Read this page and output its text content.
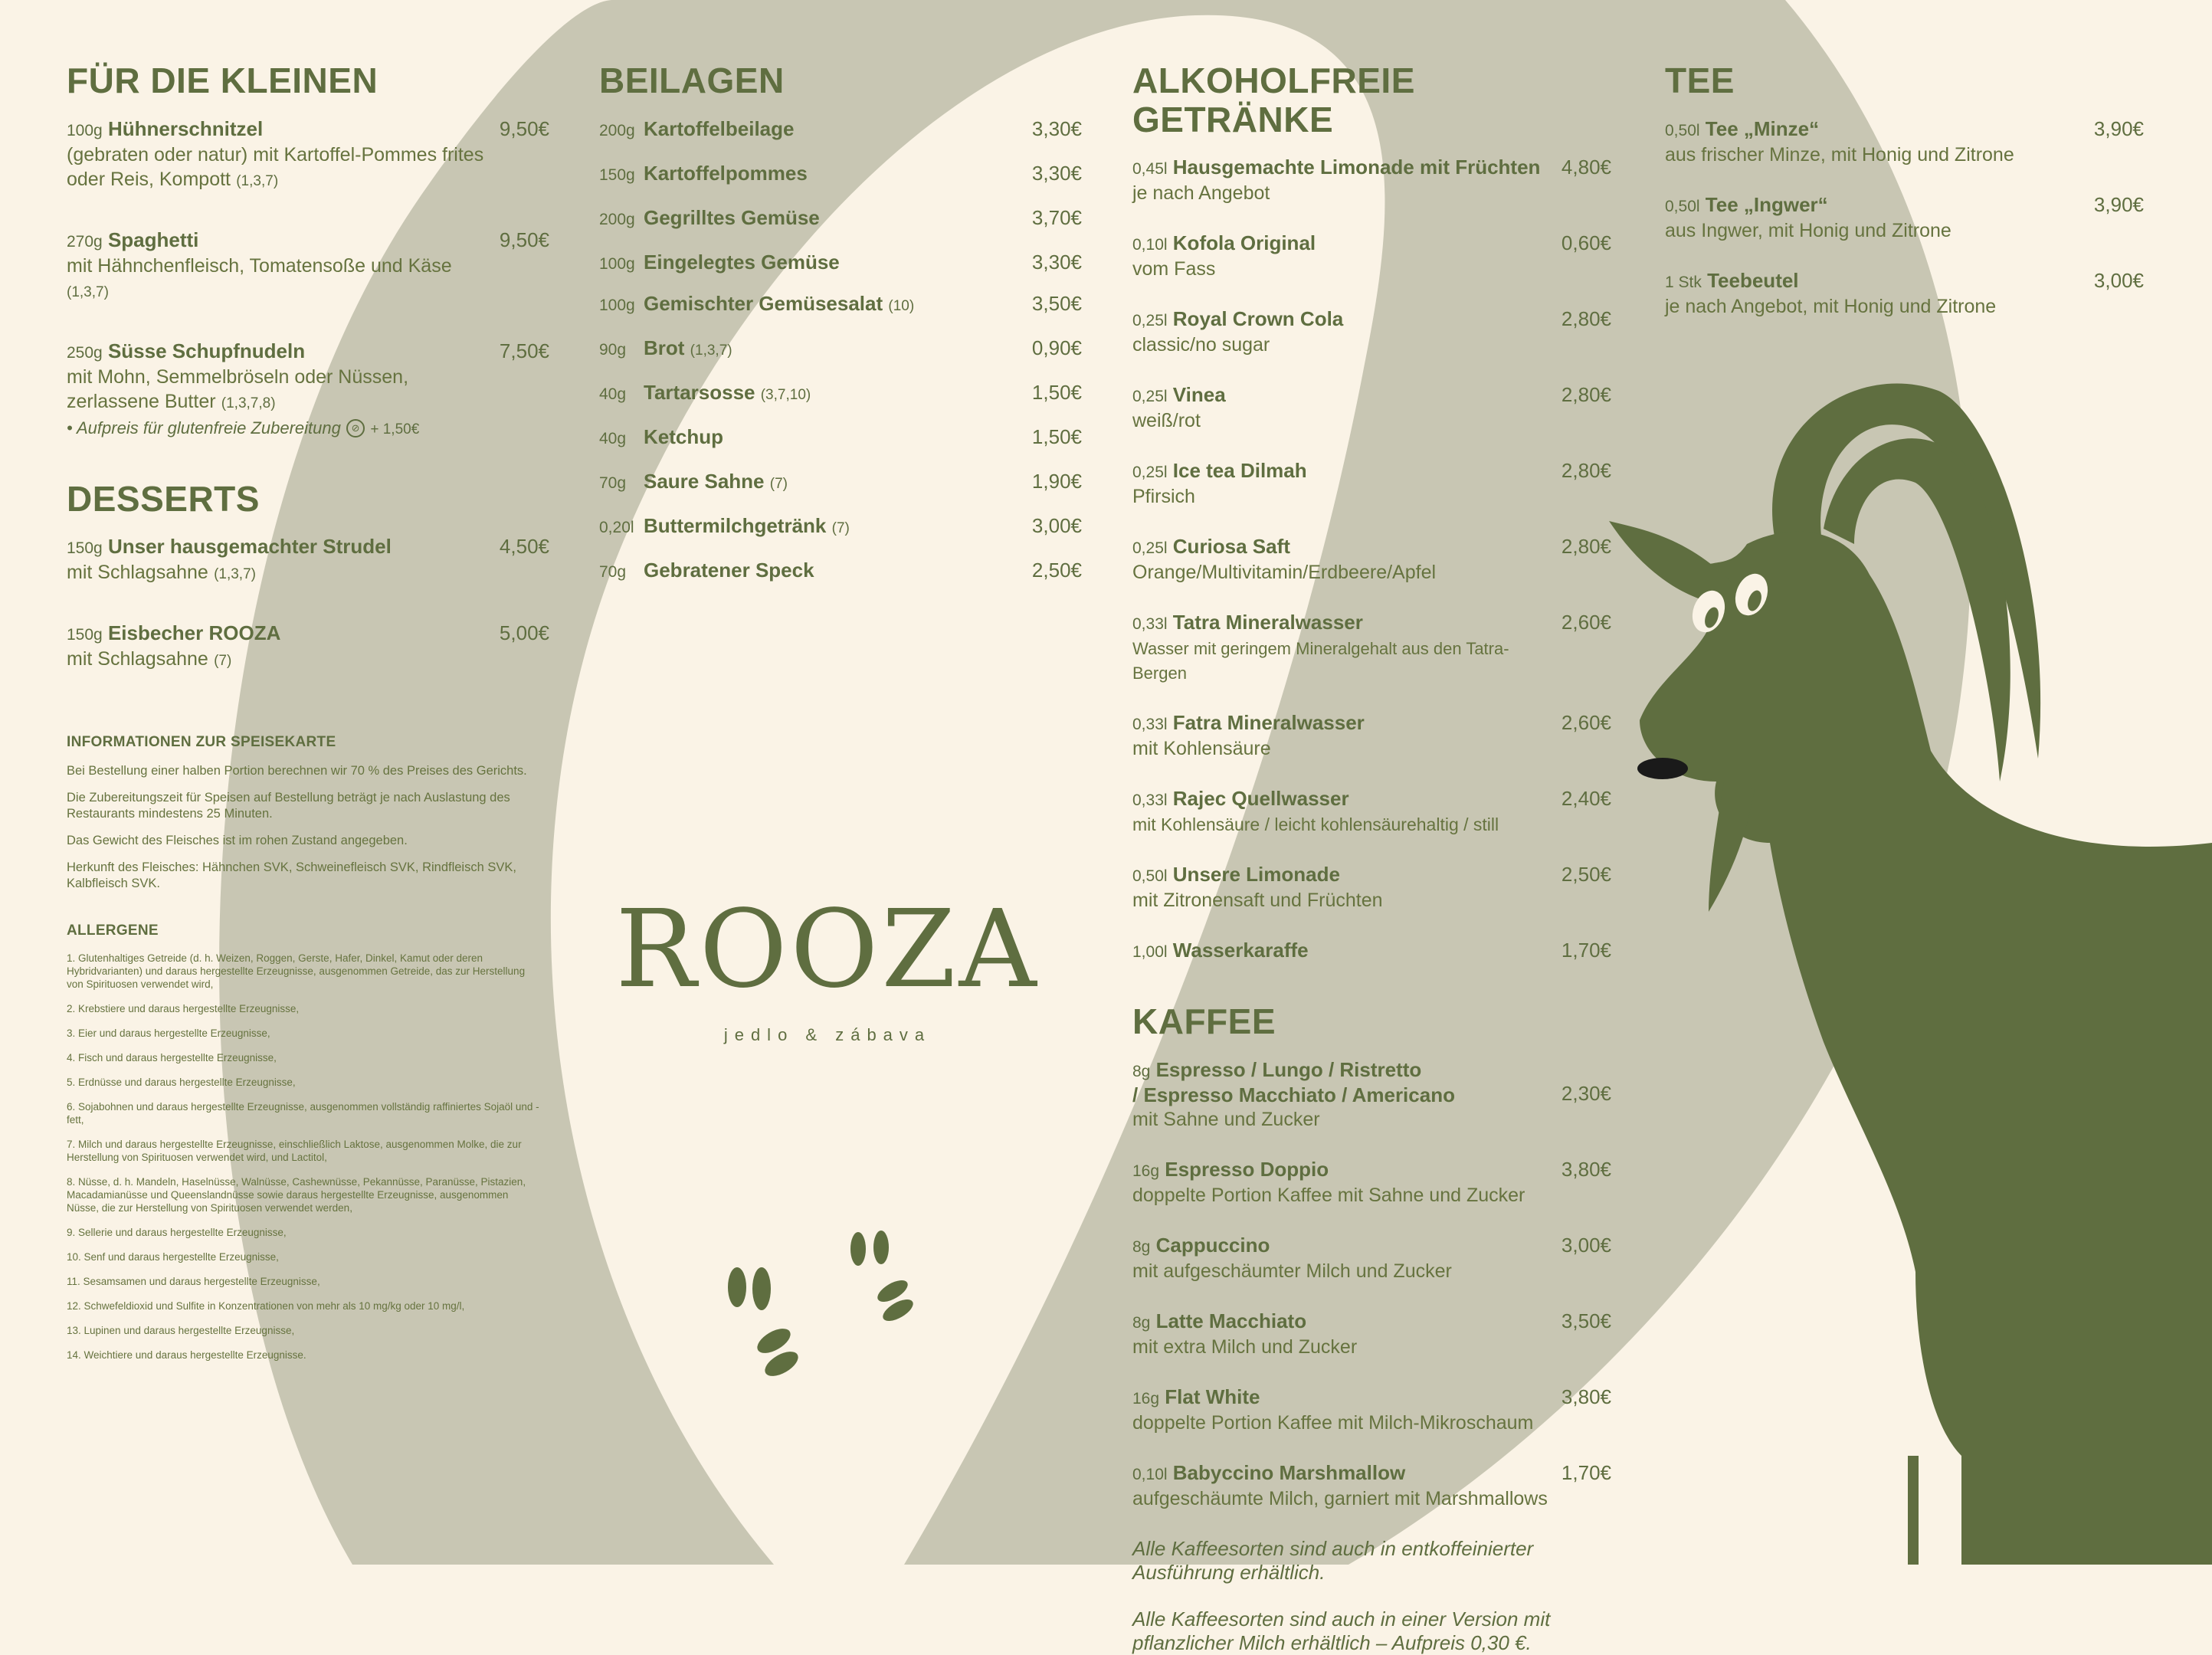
FÜR DIE KLEINEN
100g Hühnerschnitzel
(gebraten oder natur) mit Kartoffel-Pommes frites oder Reis, Kompott (1,3,7)
9,50€
270g Spaghetti
mit Hähnchenfleisch, Tomatensoße und Käse (1,3,7)
9,50€
250g Süsse Schupfnudeln
mit Mohn, Semmelbröseln oder Nüssen, zerlassene Butter (1,3,7,8)
• Aufpreis für glutenfreie Zubereitung ⊘ + 1,50€
7,50€
DESSERTS
150g Unser hausgemachter Strudel
mit Schlagsahne (1,3,7)
4,50€
150g Eisbecher ROOZA
mit Schlagsahne (7)
5,00€
INFORMATIONEN ZUR SPEISEKARTE

Bei Bestellung einer halben Portion berechnen wir 70 % des Preises des Gerichts.

Die Zubereitungszeit für Speisen auf Bestellung beträgt je nach Auslastung des Restaurants mindestens 25 Minuten.

Das Gewicht des Fleisches ist im rohen Zustand angegeben.

Herkunft des Fleisches: Hähnchen SVK, Schweinefleisch SVK, Rindfleisch SVK, Kalbfleisch SVK.

ALLERGENE

1. Glutenhaltiges Getreide (d. h. Weizen, Roggen, Gerste, Hafer, Dinkel, Kamut oder deren Hybridvarianten) und daraus hergestellte Erzeugnisse, ausgenommen Getreide, das zur Herstellung von Spirituosen verwendet wird,

2. Krebstiere und daraus hergestellte Erzeugnisse,

3. Eier und daraus hergestellte Erzeugnisse,

4. Fisch und daraus hergestellte Erzeugnisse,

5. Erdnüsse und daraus hergestellte Erzeugnisse,

6. Sojabohnen und daraus hergestellte Erzeugnisse, ausgenommen vollständig raffiniertes Sojaöl und -fett,

7. Milch und daraus hergestellte Erzeugnisse, einschließlich Laktose, ausgenommen Molke, die zur Herstellung von Spirituosen verwendet wird, und Lactitol,

8. Nüsse, d. h. Mandeln, Haselnüsse, Walnüsse, Cashewnüsse, Pekannüsse, Paranüsse, Pistazien, Macadamianüsse und Queenslandnüsse sowie daraus hergestellte Erzeugnisse, ausgenommen Nüsse, die zur Herstellung von Spirituosen verwendet werden,

9. Sellerie und daraus hergestellte Erzeugnisse,

10. Senf und daraus hergestellte Erzeugnisse,

11. Sesamsamen und daraus hergestellte Erzeugnisse,

12. Schwefeldioxid und Sulfite in Konzentrationen von mehr als 10 mg/kg oder 10 mg/l,

13. Lupinen und daraus hergestellte Erzeugnisse,

14. Weichtiere und daraus hergestellte Erzeugnisse.

BEILAGEN
200g Kartoffelbeilage	3,30€
150g Kartoffelpommes	3,30€
200g Gegrilltes Gemüse	3,70€
100g Eingelegtes Gemüse	3,30€
100g Gemischter Gemüsesalat (10)	3,50€
90g Brot (1,3,7)	0,90€
40g Tartarsosse (3,7,10)	1,50€
40g Ketchup	1,50€
70g Saure Sahne (7)	1,90€
0,20l Buttermilchgetränk (7)	3,00€
70g Gebratener Speck	2,50€
ROOZA
jedlo & zábava
ALKOHOLFREIE GETRÄNKE
0,45l Hausgemachte Limonade mit Früchten
je nach Angebot
4,80€
0,10l Kofola Original
vom Fass
0,60€
0,25l Royal Crown Cola
classic/no sugar
2,80€
0,25l Vinea
weiß/rot
2,80€
0,25l Ice tea Dilmah
Pfirsich
2,80€
0,25l Curiosa Saft
Orange/Multivitamin/Erdbeere/Apfel
2,80€
0,33l Tatra Mineralwasser
Wasser mit geringem Mineralgehalt aus den Tatra-Bergen
2,60€
0,33l Fatra Mineralwasser
mit Kohlensäure
2,60€
0,33l Rajec Quellwasser
mit Kohlensäure / leicht kohlensäurehaltig / still
2,40€
0,50l Unsere Limonade
mit Zitronensaft und Früchten
2,50€
1,00l Wasserkaraffe	1,70€
KAFFEE
8g Espresso / Lungo / Ristretto
/ Espresso Macchiato / Americano
mit Sahne und Zucker
2,30€
16g Espresso Doppio
doppelte Portion Kaffee mit Sahne und Zucker
3,80€
8g Cappuccino
mit aufgeschäumter Milch und Zucker
3,00€
8g Latte Macchiato
mit extra Milch und Zucker
3,50€
16g Flat White
doppelte Portion Kaffee mit Milch-Mikroschaum
3,80€
0,10l Babyccino Marshmallow
aufgeschäumte Milch, garniert mit Marshmallows
1,70€

Alle Kaffeesorten sind auch in entkoffeinierter Ausführung erhältlich.

Alle Kaffeesorten sind auch in einer Version mit pflanzlicher Milch erhältlich – Aufpreis 0,30 €.

TEE
0,50l Tee „Minze“
aus frischer Minze, mit Honig und Zitrone
3,90€
0,50l Tee „Ingwer“
aus Ingwer, mit Honig und Zitrone
3,90€
1 Stk Teebeutel
je nach Angebot, mit Honig und Zitrone
3,00€
